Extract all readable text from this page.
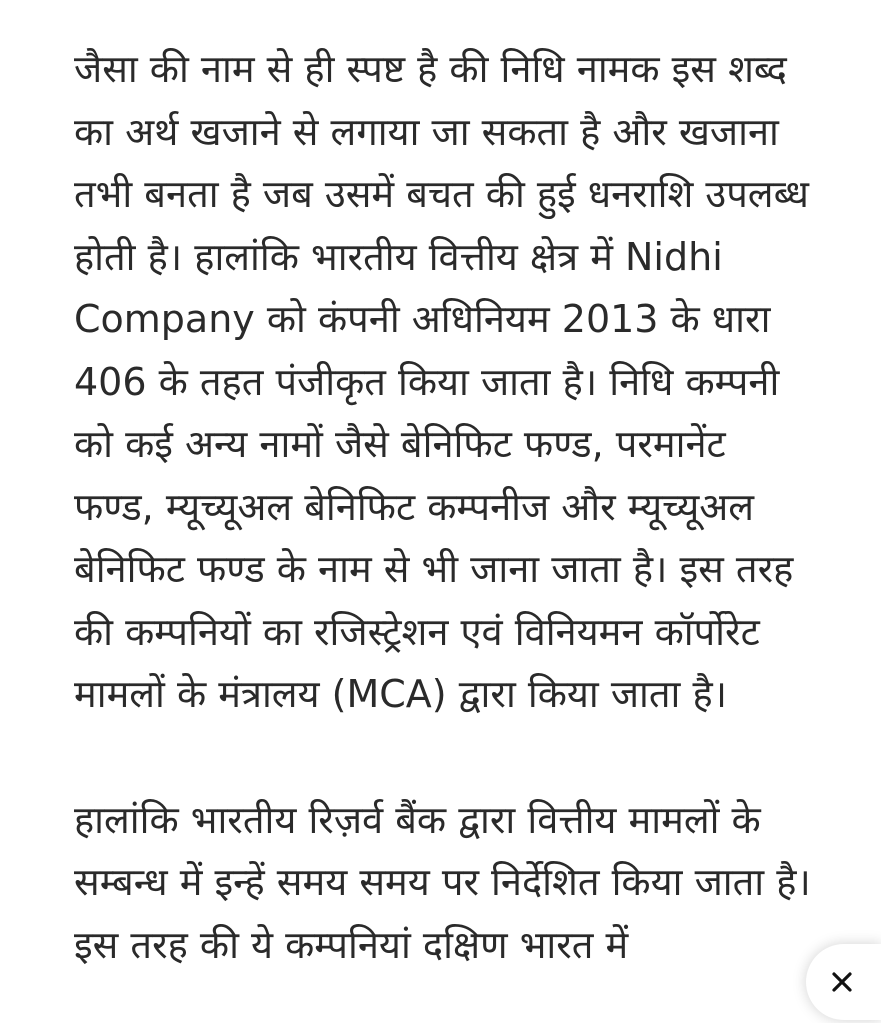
जैसा की नाम से ही स्पष्ट है की निधि नामक इस शब्द का अर्थ खजाने से लगाया जा सकता है और खजाना तभी बनता है जब उसमें बचत की हुई धनराशि उपलब्ध होती है। हालांकि भारतीय वित्तीय क्षेत्र में Nidhi Company को कंपनी अधिनियम 2013 के धारा 406 के तहत पंजीकृत किया जाता है। निधि कम्पनी को कई अन्य नामों जैसे बेनिफिट फण्ड, परमानेंट फण्ड, म्यूच्यूअल बेनिफिट कम्पनीज और म्यूच्यूअल बेनिफिट फण्ड के नाम से भी जाना जाता है। इस तरह की कम्पनियों का रजिस्ट्रेशन एवं विनियमन कॉर्पोरेट मामलों के मंत्रालय (MCA) द्वारा किया जाता है।

हालांकि भारतीय रिज़र्व बैंक द्वारा वित्तीय मामलों के सम्बन्ध में इन्हें समय समय पर निर्देशित किया जाता है। इस तरह की ये कम्पनियां दक्षिण भारत में
